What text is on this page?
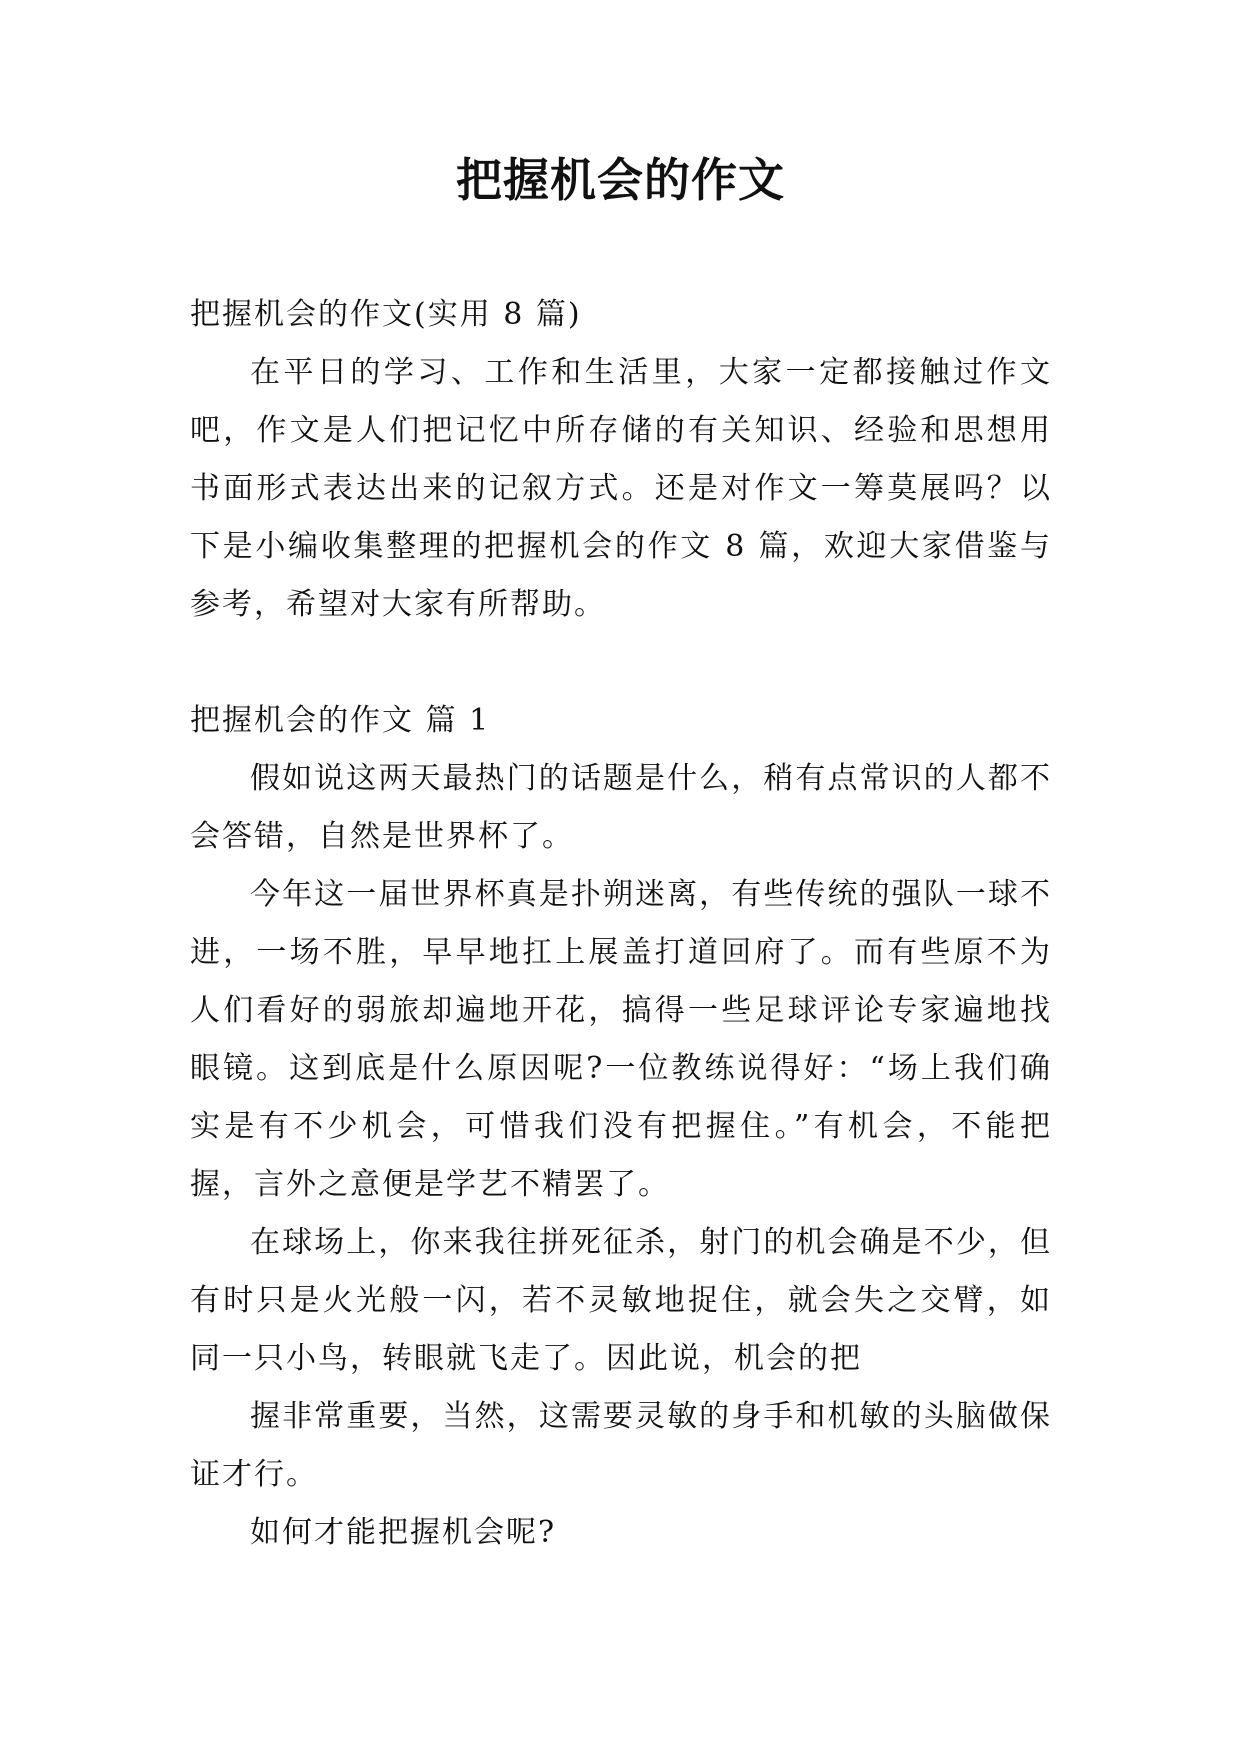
把握机会的作文

把握机会的作文(实用 8 篇)

在平日的学习、工作和生活里，大家一定都接触过作文吧，作文是人们把记忆中所存储的有关知识、经验和思想用书面形式表达出来的记叙方式。还是对作文一筹莫展吗？以下是小编收集整理的把握机会的作文 8 篇，欢迎大家借鉴与参考，希望对大家有所帮助。

把握机会的作文 篇 1

假如说这两天最热门的话题是什么，稍有点常识的人都不会答错，自然是世界杯了。

今年这一届世界杯真是扑朔迷离，有些传统的强队一球不进，一场不胜，早早地扛上展盖打道回府了。而有些原不为人们看好的弱旅却遍地开花，搞得一些足球评论专家遍地找眼镜。这到底是什么原因呢?一位教练说得好：“场上我们确实是有不少机会，可惜我们没有把握住。”有机会，不能把握，言外之意便是学艺不精罢了。

在球场上，你来我往拼死征杀，射门的机会确是不少，但有时只是火光般一闪，若不灵敏地捉住，就会失之交臂，如同一只小鸟，转眼就飞走了。因此说，机会的把

握非常重要，当然，这需要灵敏的身手和机敏的头脑做保证才行。

如何才能把握机会呢?
